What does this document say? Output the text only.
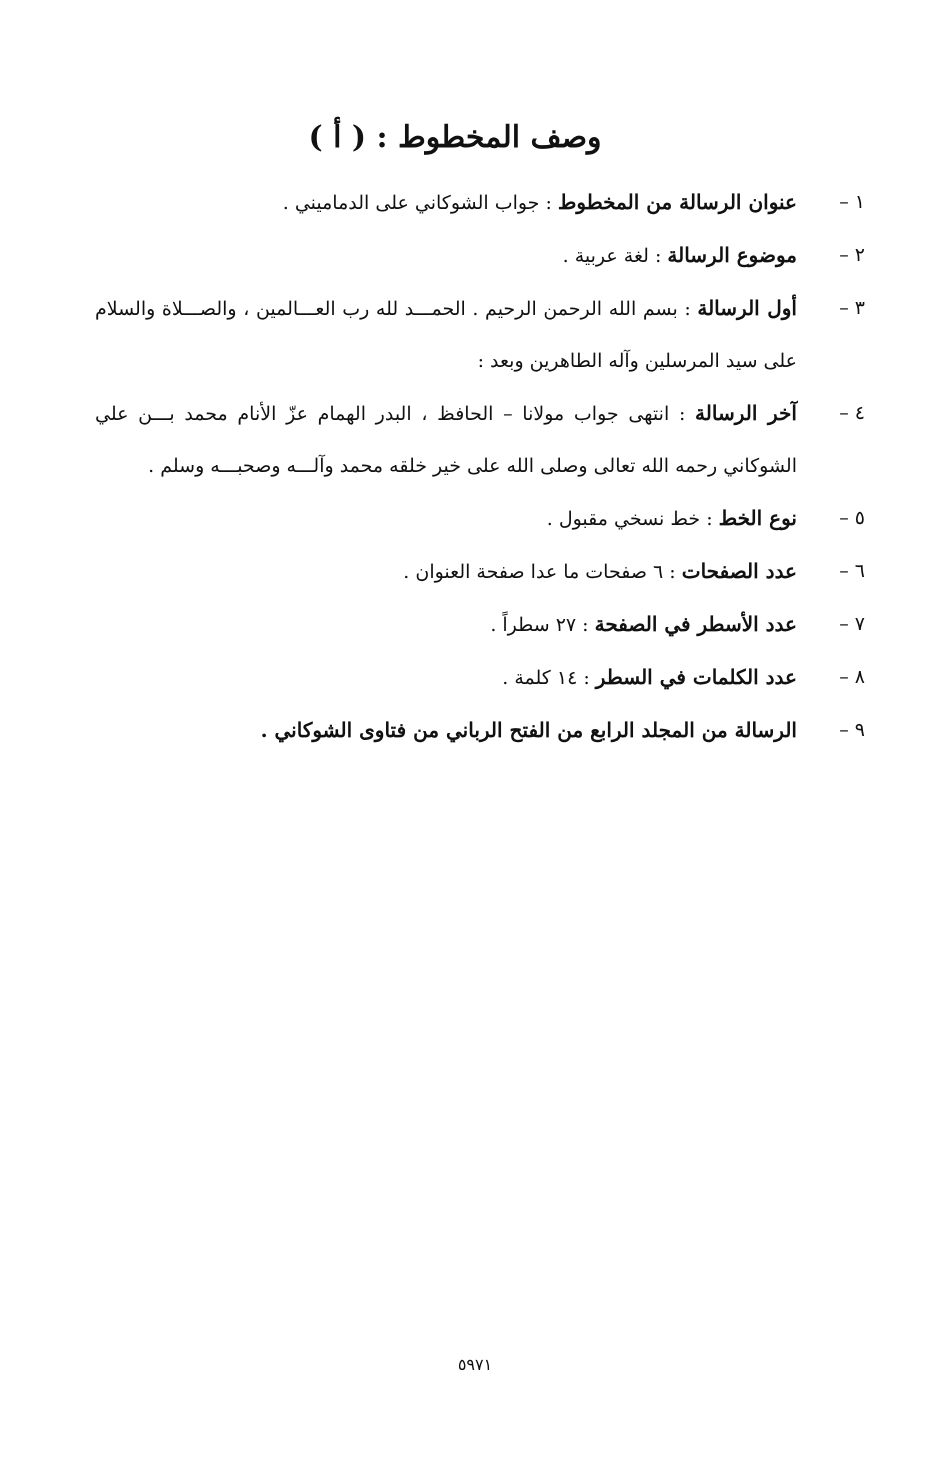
وصف المخطوط : ( أ )
١ –
عنوان الرسالة من المخطوط : جواب الشوكاني على الدماميني .
٢ –
موضوع الرسالة : لغة عربية .
٣ –
أول الرسالة : بسم الله الرحمن الرحيم . الحمـــد لله رب العـــالمين ، والصـــلاة والسلام على سيد المرسلين وآله الطاهرين وبعد :
٤ –
آخر الرسالة : انتهى جواب مولانا – الحافظ ، البدر الهمام عزّ الأنام محمد بـــن علي الشوكاني رحمه الله تعالى وصلى الله على خير خلقه محمد وآلـــه وصحبـــه وسلم .
٥ –
نوع الخط : خط نسخي مقبول .
٦ –
عدد الصفحات : ٦ صفحات ما عدا صفحة العنوان .
٧ –
عدد الأسطر في الصفحة : ٢٧ سطراً .
٨ –
عدد الكلمات في السطر : ١٤ كلمة .
٩ –
الرسالة من المجلد الرابع من الفتح الرباني من فتاوى الشوكاني .
٥٩٧١
